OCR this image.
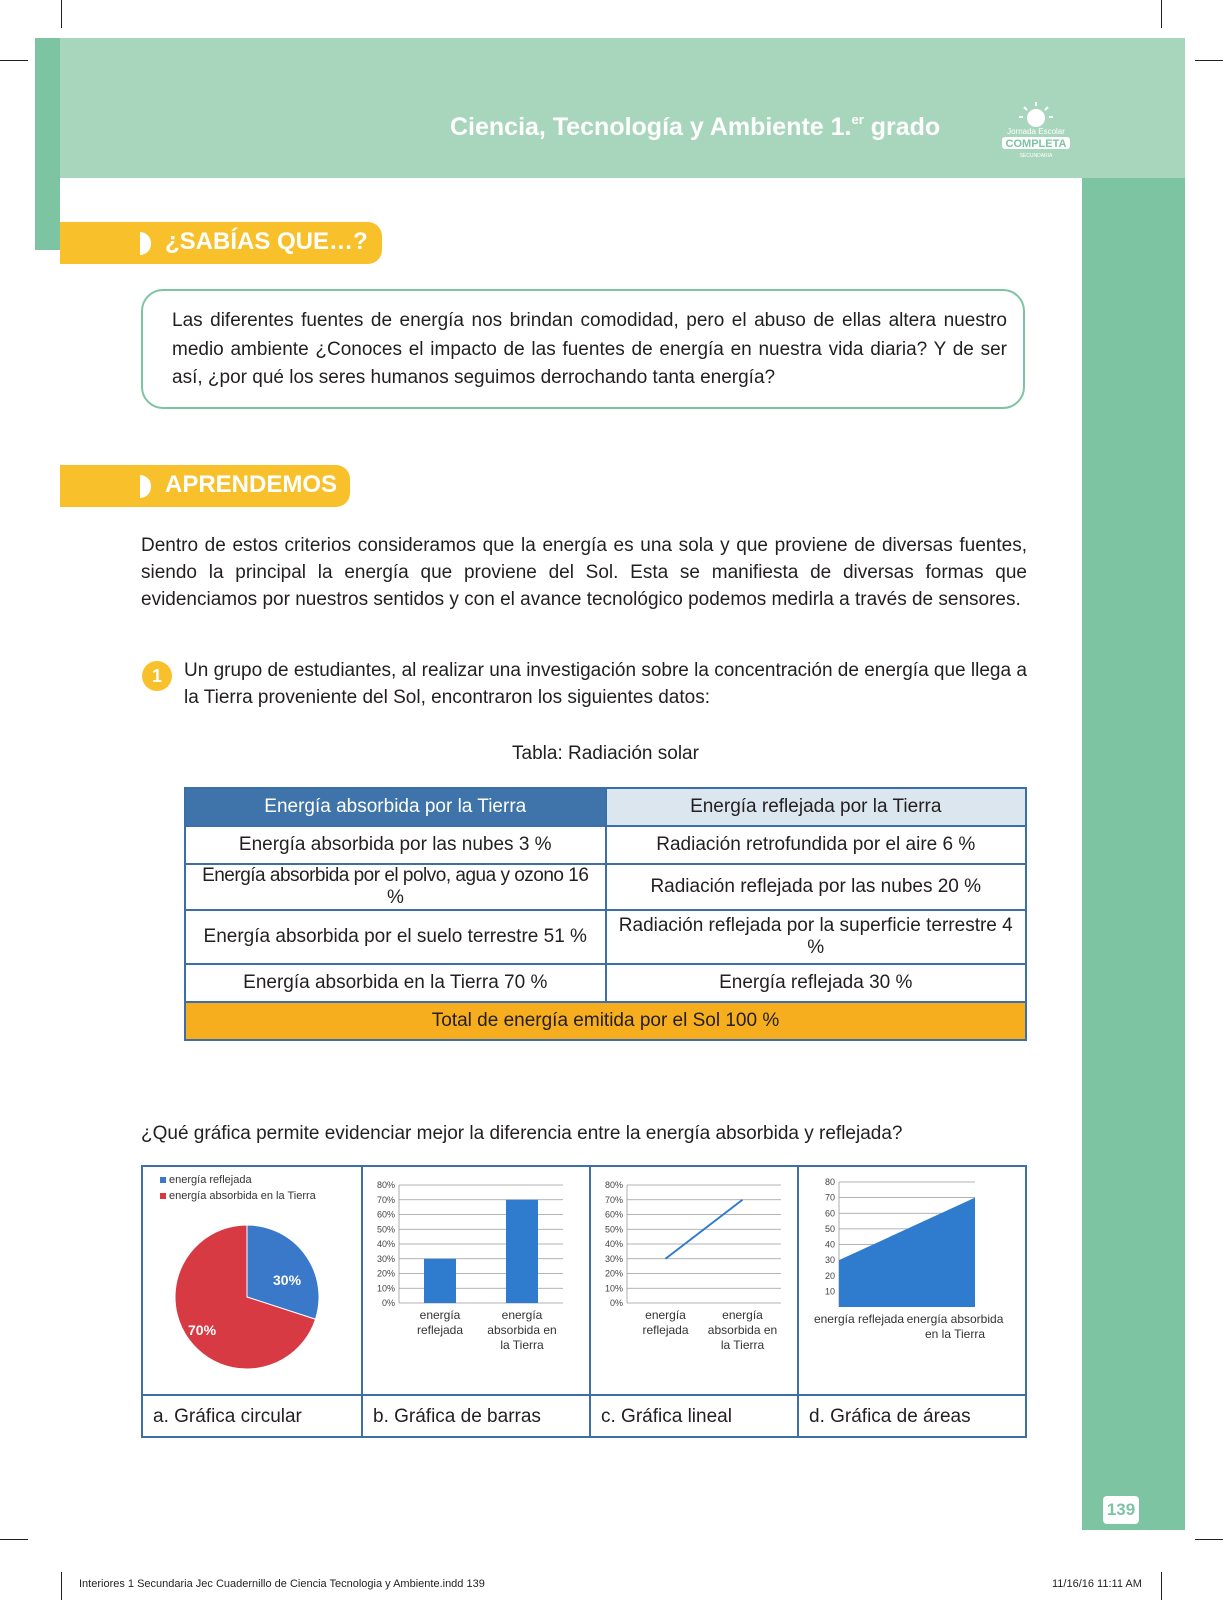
Ciencia, Tecnología y Ambiente 1.$^{er}$ grado	Jornada Escolar
COMPLETA
SECUNDARIA
¿SABÍAS QUE…?
Las diferentes fuentes de energía nos brindan comodidad, pero el abuso de ellas altera nuestro medio ambiente ¿Conoces el impacto de las fuentes de energía en nuestra vida diaria? Y de ser así, ¿por qué los seres humanos seguimos derrochando tanta energía?
APRENDEMOS
Dentro de estos criterios consideramos que la energía es una sola y que proviene de diversas fuentes, siendo la principal la energía que proviene del Sol. Esta se manifiesta de diversas formas que evidenciamos por nuestros sentidos y con el avance tecnológico podemos medirla a través de sensores.
1	Un grupo de estudiantes, al realizar una investigación sobre la concentración de energía que llega a la Tierra proveniente del Sol, encontraron los siguientes datos:
Tabla: Radiación solar
Energía absorbida por la Tierra	Energía reflejada por la Tierra
Energía absorbida por las nubes 3 %	Radiación retrofundida por el aire 6 %
Energía absorbida por el polvo, agua y ozono 16 %	Radiación reflejada por las nubes 20 %
Energía absorbida por el suelo terrestre 51 %	Radiación reflejada por la superficie terrestre 4 %
Energía absorbida en la Tierra 70 %	Energía reflejada 30 %
Total de energía emitida por el Sol 100 %	
¿Qué gráfica permite evidenciar mejor la diferencia entre la energía absorbida y reflejada?
energía reflejada
energía absorbida en la Tierra
30%
70%
a. Gráfica circular
0%
10%
20%
30%
40%
50%
60%
70%
80%
energía reflejada
energía absorbida en la Tierra
b. Gráfica de barras
0%
10%
20%
30%
40%
50%
60%
70%
80%
energía reflejada
energía absorbida en la Tierra
c. Gráfica lineal
10
20
30
40
50
60
70
80
energía reflejada energía absorbida en la Tierra
d. Gráfica de áreas
139
Interiores 1 Secundaria Jec Cuadernillo de Ciencia Tecnologia y Ambiente.indd 139	11/16/16 11:11 AM
